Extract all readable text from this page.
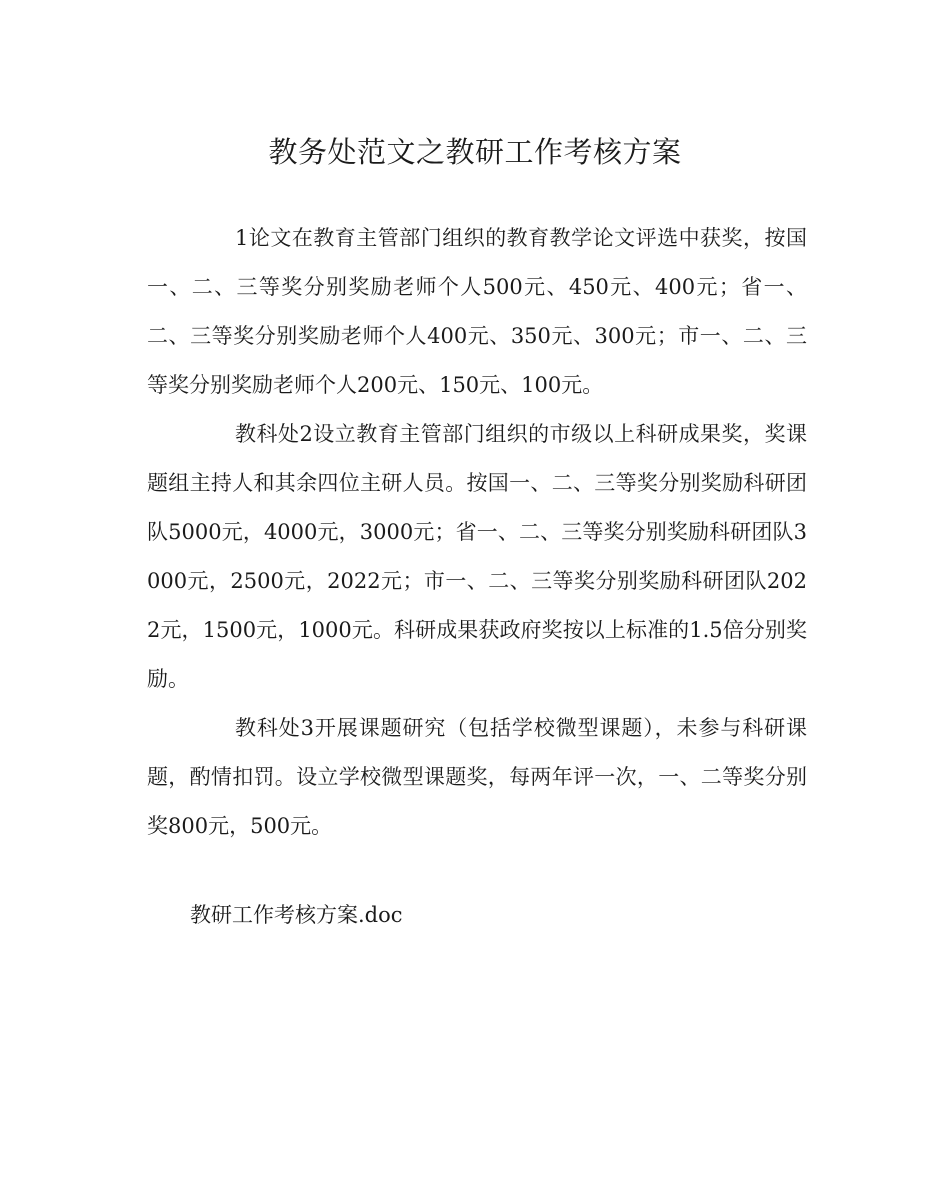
教务处范文之教研工作考核方案

1论文在教育主管部门组织的教育教学论文评选中获奖，按国一、二、三等奖分别奖励老师个人500元、450元、400元；省一、二、三等奖分别奖励老师个人400元、350元、300元；市一、二、三等奖分别奖励老师个人200元、150元、100元。

教科处2设立教育主管部门组织的市级以上科研成果奖，奖课题组主持人和其余四位主研人员。按国一、二、三等奖分别奖励科研团队5000元，4000元，3000元；省一、二、三等奖分别奖励科研团队3000元，2500元，2022元；市一、二、三等奖分别奖励科研团队2022元，1500元，1000元。科研成果获政府奖按以上标准的1.5倍分别奖励。

教科处3开展课题研究（包括学校微型课题），未参与科研课题，酌情扣罚。设立学校微型课题奖，每两年评一次，一、二等奖分别奖800元，500元。

教研工作考核方案.doc
